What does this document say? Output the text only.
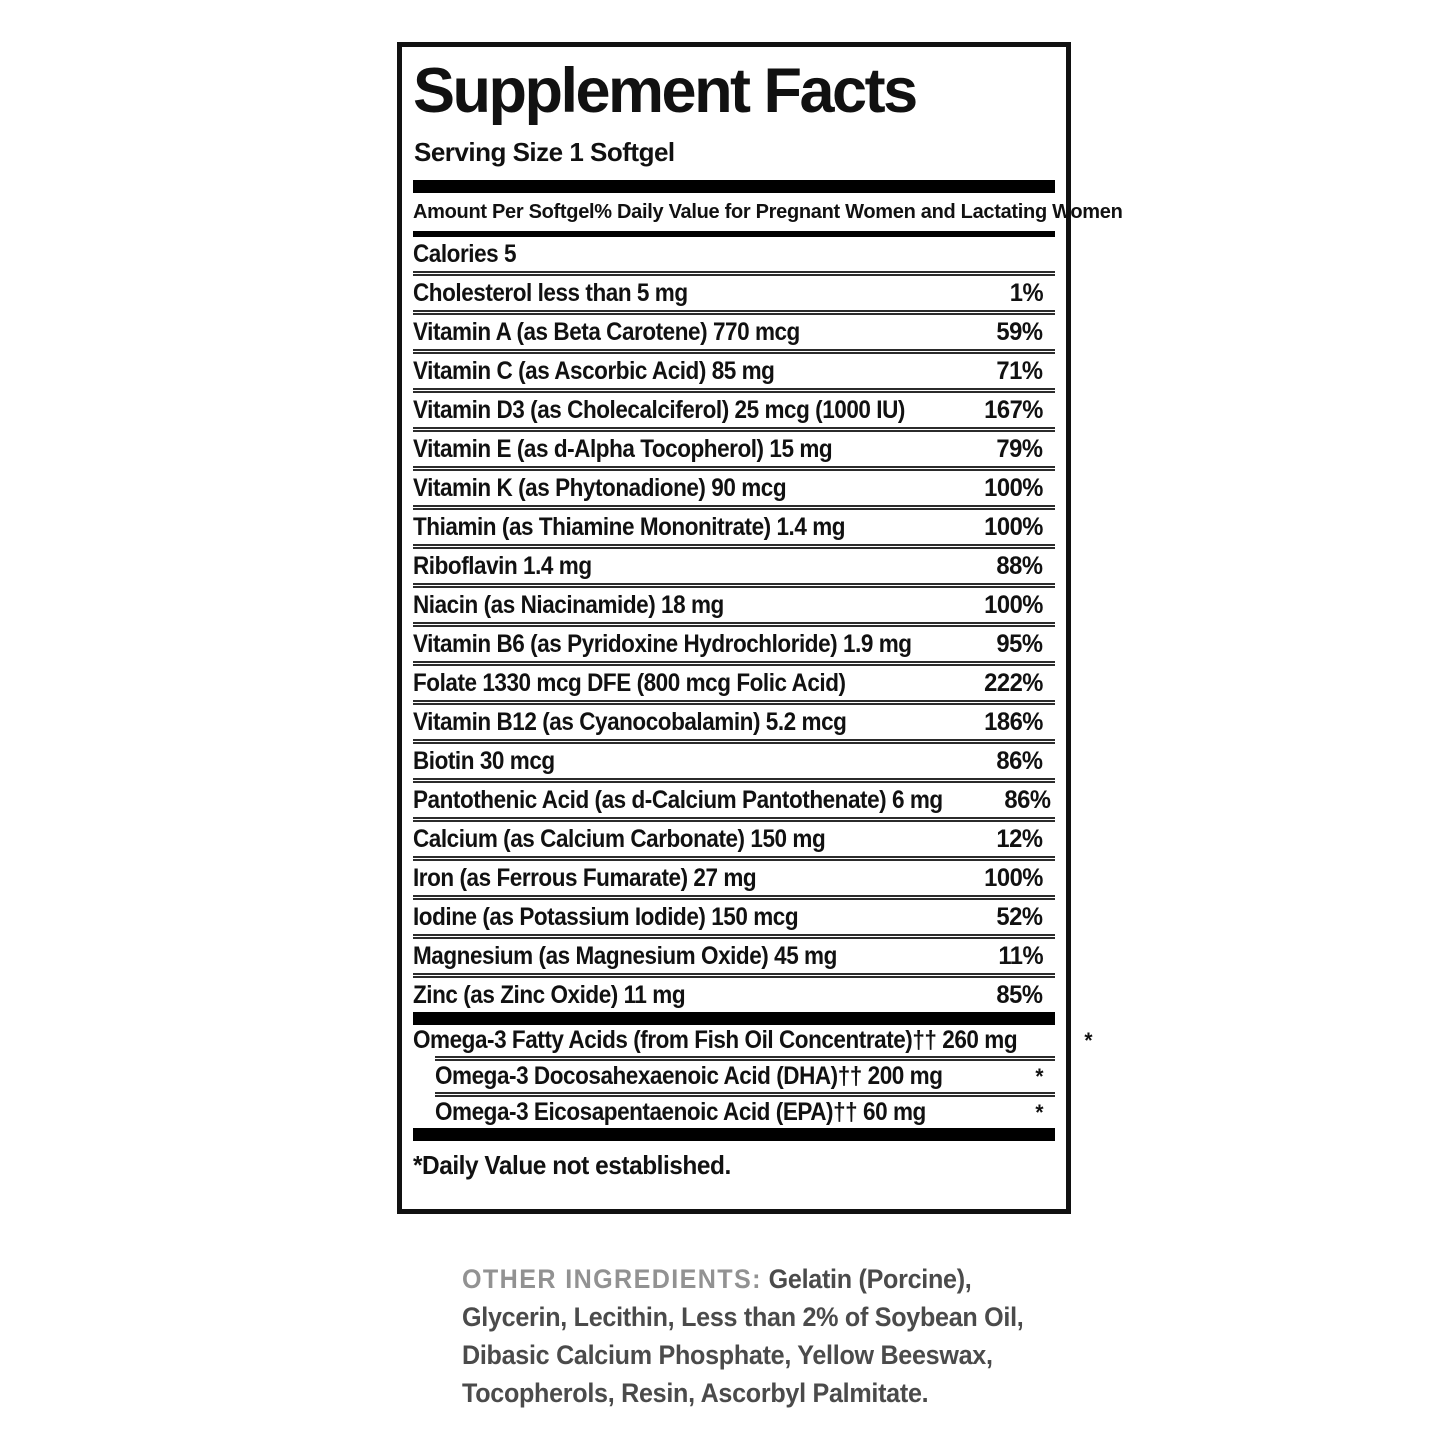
Supplement Facts
Serving Size 1 Softgel
Amount Per Softgel % Daily Value for Pregnant Women and Lactating Women
Calories 5
Cholesterol less than 5 mg	1%
Vitamin A (as Beta Carotene) 770 mcg	59%
Vitamin C (as Ascorbic Acid) 85 mg	71%
Vitamin D3 (as Cholecalciferol) 25 mcg (1000 IU)	167%
Vitamin E (as d-Alpha Tocopherol) 15 mg	79%
Vitamin K (as Phytonadione) 90 mcg	100%
Thiamin (as Thiamine Mononitrate) 1.4 mg	100%
Riboflavin 1.4 mg	88%
Niacin (as Niacinamide) 18 mg	100%
Vitamin B6 (as Pyridoxine Hydrochloride) 1.9 mg	95%
Folate 1330 mcg DFE (800 mcg Folic Acid)	222%
Vitamin B12 (as Cyanocobalamin) 5.2 mcg	186%
Biotin 30 mcg	86%
Pantothenic Acid (as d-Calcium Pantothenate) 6 mg 86%
Calcium (as Calcium Carbonate) 150 mg	12%
Iron (as Ferrous Fumarate) 27 mg	100%
Iodine (as Potassium Iodide) 150 mcg	52%
Magnesium (as Magnesium Oxide) 45 mg	11%
Zinc (as Zinc Oxide) 11 mg	85%
Omega-3 Fatty Acids (from Fish Oil Concentrate)†† 260 mg	*
Omega-3 Docosahexaenoic Acid (DHA)†† 200 mg	*
Omega-3 Eicosapentaenoic Acid (EPA)†† 60 mg	*
*Daily Value not established.
OTHER INGREDIENTS: Gelatin (Porcine),
Glycerin, Lecithin, Less than 2% of Soybean Oil,
Dibasic Calcium Phosphate, Yellow Beeswax,
Tocopherols, Resin, Ascorbyl Palmitate.
